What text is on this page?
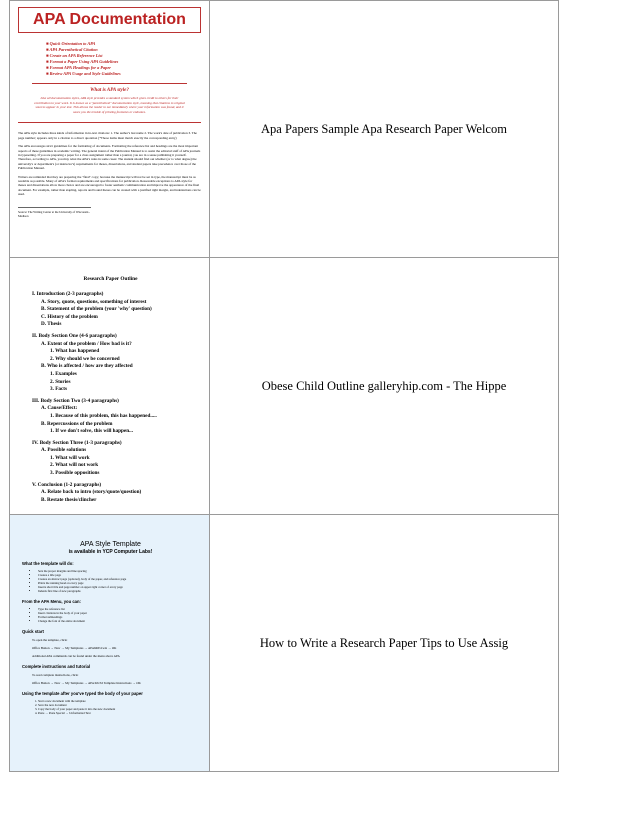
APA Documentation
■ Quick Orientation to APA
■ APA Parenthetical Citation
■ Create an APA Reference List
■ Format a Paper Using APA Guidelines
■ Format APA Headings for a Paper
■ Review APA Usage and Style Guidelines
What is APA style?

Like all documentation styles, APA style provides a standard system which gives credit to others for their contribution to your work. It is known as a "parenthetical" documentation style, meaning that citations to original sources appear in your text. This allows the reader to see immediately where your information was found, and it saves you the trouble of printing footnotes or endnotes.

The APA style includes three kinds of information in in-text citations: 1. The author's last name 2. The work's date of publication 3. The page number; appears only in a citation to a direct quotation (*Those items must match exactly the corresponding entry)

The APA encourages strict guidelines for the formatting of documents. Formatting the reference list and headings are the most important aspects of these guidelines in academic writing. The general intent of the Publication Manual is to assist the editorial staff of APA journals in typesetting. If you are preparing a paper for a class assignment rather than a journal, you are in a sense publishing it yourself. Therefore, according to APA, you may relax the APA's rules in some cases: The student should find out whether (or to what degree) the university's or department's (or instructor's) requirements for theses, dissertations, and student papers take precedence over those of the Publication Manual.

Writers are reminded that they are preparing the "final" copy; because the manuscript will not be set in type, the manuscript must be as readable as possible. Many of APA's format requirements and specifications for publication. Reasonable exceptions to APA style for theses and dissertations allow more choice and are encouraged to foster aesthetic communication and improve the appearance of the final document. For example, rather than stapling, reports and bound theses can be created with a justified right margin, and indentations can be used.

Source: The Writing Center at the University of Wisconsin - Madison
Apa Papers Sample Apa Research Paper Welcom
Research Paper Outline
I. Introduction (2-3 paragraphs)
A. Story, quote, questions, something of interest
B. Statement of the problem (your 'why' question)
C. History of the problem
D. Thesis
II. Body Section One (4-6 paragraphs)
A. Extent of the problem / How bad is it?
1. What has happened
2. Why should we be concerned
B. Who is affected / how are they affected
1. Examples
2. Stories
3. Facts
III. Body Section Two (3-4 paragraphs)
A. Cause/Effect:
1. Because of this problem, this has happened.....
B. Repercussions of the problem
1. If we don't solve, this will happen...
IV. Body Section Three (1-3 paragraphs)
A. Possible solutions
1. What will work
2. What will not work
3. Possible oppositions
V. Conclusion (1-2 paragraphs)
A. Relate back to intro (story/quote/question)
B. Restate thesis/clincher
Obese Child Outline galleryhip.com - The Hippe
APA Style Template
is available in YCP Computer Labs!
What the template will do:
• Sets the proper margins and line spacing
• Creates a title page
• Creates an abstract page (optional), body of the paper, and reference page
• Prints the running head on every page
• Inserts short title and page number on upper right corner of every page
• Indents first line of new paragraphs
From the APA Menu, you can:
• Type the reference list
• Insert citations in the body of your paper
• Format subheadings
• Change the font of the entire document
Quick start
To open the template, click:
Office Button → New → My Templates → APA6thEd.wiz → OK
Additional APA commands can be found under the menu above APA
Complete instructions and tutorial
To read complete instructions, click:
Office Button → New → My Templates → APA 6th Ed Template Instructions → OK
Using the template after you've typed the body of your paper
1. Start a new document with the template
2. Save the new document
3. Copy the body of your paper and paste it into the new document
4. Paste → Paste Special → Unformatted Text
How to Write a Research Paper Tips to Use Assig
